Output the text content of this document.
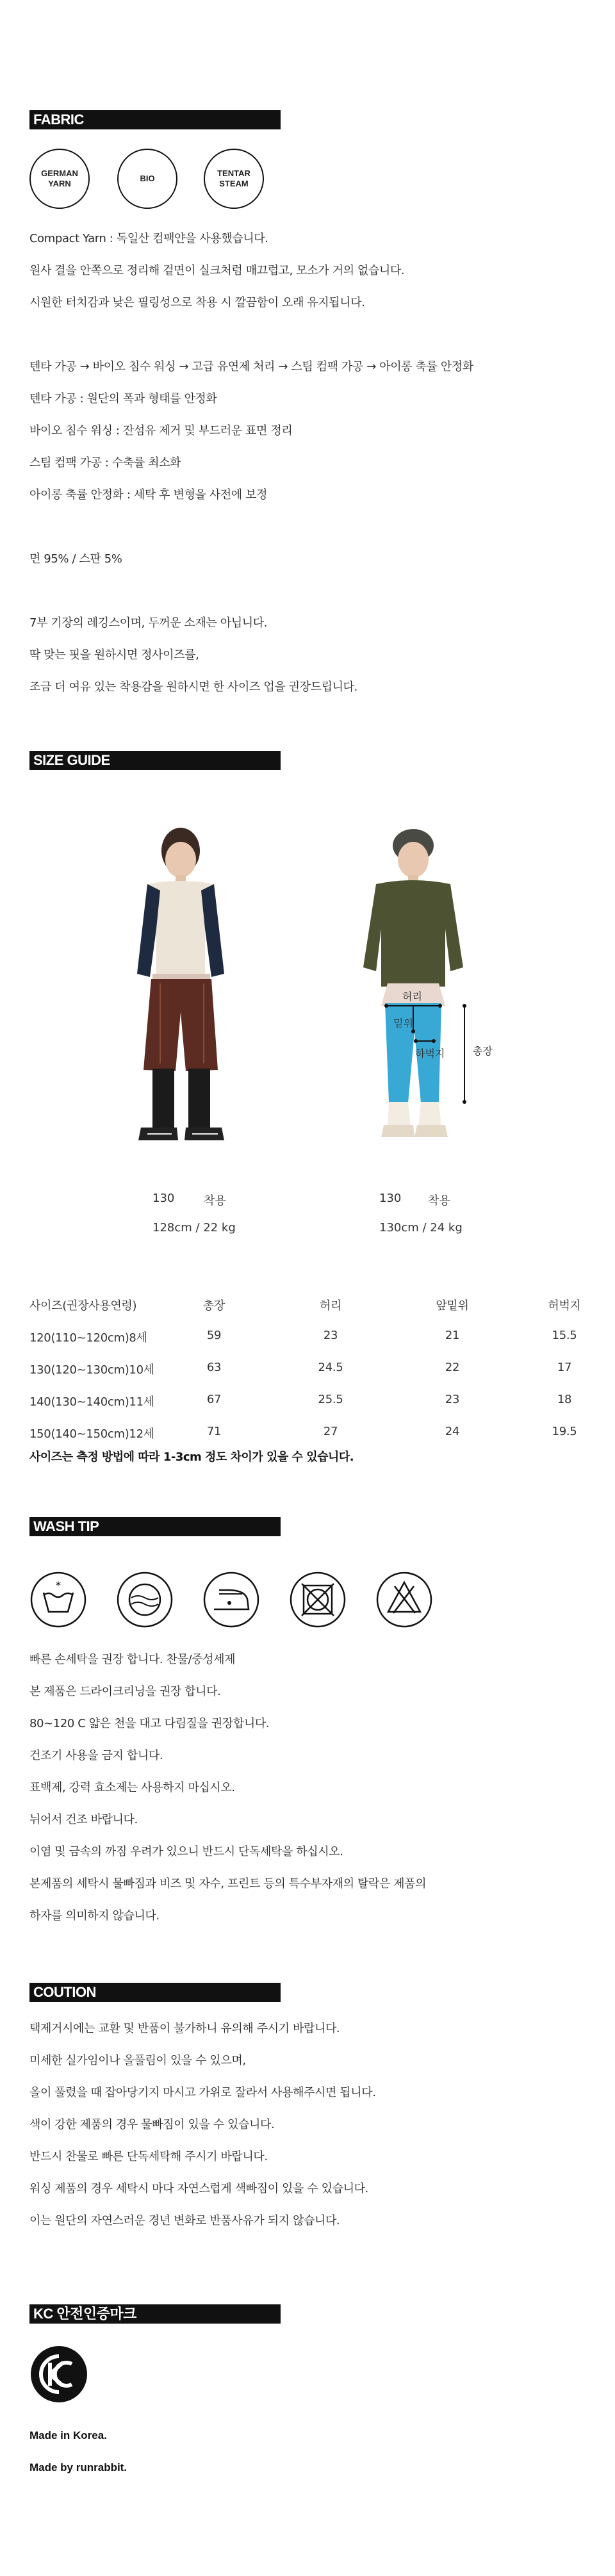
FABRIC
GERMAN
YARN
BIO
TENTAR
STEAM

Compact Yarn : 독일산 컴팩얀을 사용했습니다.

원사 결을 안쪽으로 정리해 겉면이 실크처럼 매끄럽고, 모소가 거의 없습니다.

시원한 터치감과 낮은 필링성으로 착용 시 깔끔함이 오래 유지됩니다.

텐타 가공 → 바이오 침수 워싱 → 고급 유연제 처리 → 스팀 컴팩 가공 → 아이롱 축률 안정화

텐타 가공 : 원단의 폭과 형태를 안정화

바이오 침수 워싱 : 잔섬유 제거 및 부드러운 표면 정리

스팀 컴팩 가공 : 수축률 최소화

아이롱 축률 안정화 : 세탁 후 변형을 사전에 보정

면 95% / 스판 5%

7부 기장의 레깅스이며, 두꺼운 소재는 아닙니다.

딱 맞는 핏을 원하시면 정사이즈를,

조금 더 여유 있는 착용감을 원하시면 한 사이즈 업을 권장드립니다.

SIZE GUIDE
허리
밑위
하벅지	총장
130	착용
128cm / 22 kg
130 착용
130cm / 24 kg
사이즈(권장사용연령)	총장	허리	앞밑위	허벅지
120(110~120cm)8세	59	23	21	15.5
130(120~130cm)10세	63	24.5	22	17
140(130~140cm)11세	67	25.5	23	18
150(140~150cm)12세	71	27	24	19.5
사이즈는 측정 방법에 따라 1-3cm 정도 차이가 있을 수 있습니다.
WASH TIP
*

빠른 손세탁을 권장 합니다. 찬물/중성세제

본 제품은 드라이크리닝을 권장 합니다.

80~120 C 얇은 천을 대고 다림질을 권장합니다.

건조기 사용을 금지 합니다.

표백제, 강력 효소제는 사용하지 마십시오.

뉘어서 건조 바랍니다.

이염 및 금속의 까짐 우려가 있으니 반드시 단독세탁을 하십시오.

본제품의 세탁시 물빠짐과 비즈 및 자수, 프린트 등의 특수부자재의 탈락은 제품의

하자를 의미하지 않습니다.

COUTION

택제거시에는 교환 및 반품이 불가하니 유의해 주시기 바랍니다.

미세한 실가임이나 올풀림이 있을 수 있으며,

올이 풀렸을 때 잡아당기지 마시고 가위로 잘라서 사용해주시면 됩니다.

색이 강한 제품의 경우 물빠짐이 있을 수 있습니다.

반드시 찬물로 빠른 단독세탁해 주시기 바랍니다.

워싱 제품의 경우 세탁시 마다 자연스럽게 색빠짐이 있을 수 있습니다.

이는 원단의 자연스러운 경년 변화로 반품사유가 되지 않습니다.

KC 안전인증마크
Made in Korea.
Made by runrabbit.
